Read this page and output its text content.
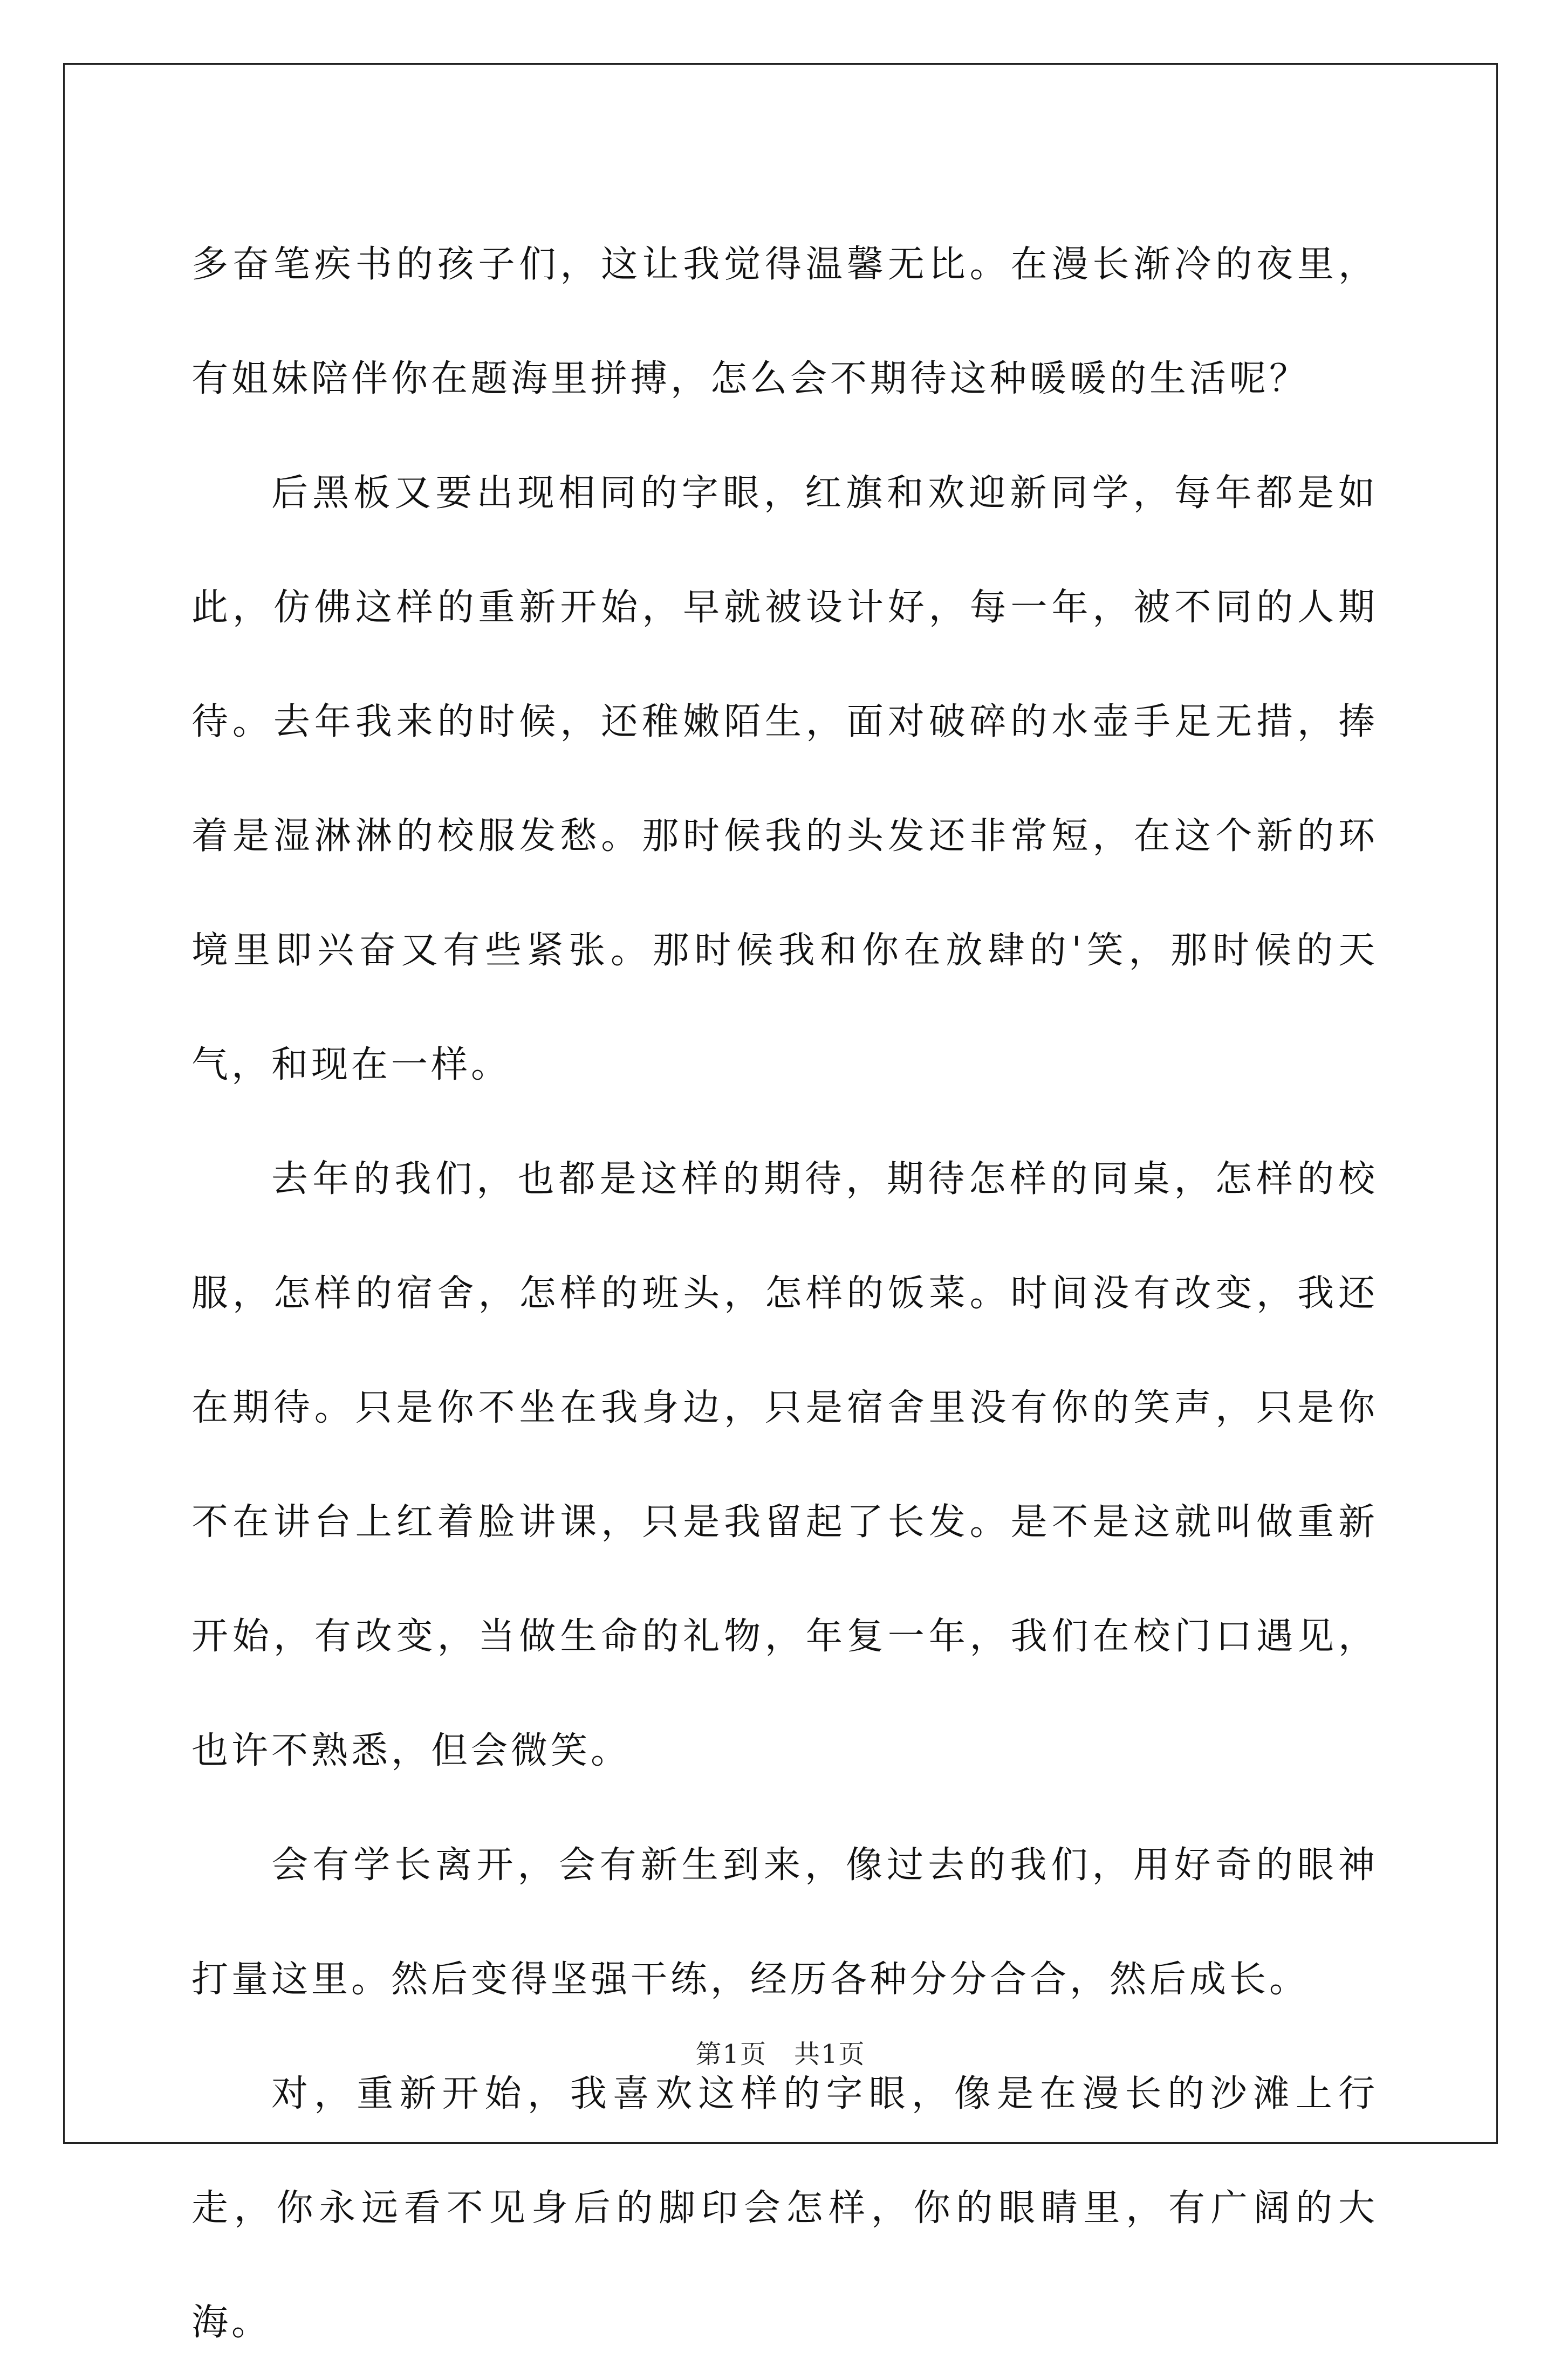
多奋笔疾书的孩子们，这让我觉得温馨无比。在漫长渐冷的夜里，有姐妹陪伴你在题海里拼搏，怎么会不期待这种暖暖的生活呢？

后黑板又要出现相同的字眼，红旗和欢迎新同学，每年都是如此，仿佛这样的重新开始，早就被设计好，每一年，被不同的人期待。去年我来的时候，还稚嫩陌生，面对破碎的水壶手足无措，捧着是湿淋淋的校服发愁。那时候我的头发还非常短，在这个新的环境里即兴奋又有些紧张。那时候我和你在放肆的'笑，那时候的天气，和现在一样。

去年的我们，也都是这样的期待，期待怎样的同桌，怎样的校服，怎样的宿舍，怎样的班头，怎样的饭菜。时间没有改变，我还在期待。只是你不坐在我身边，只是宿舍里没有你的笑声，只是你不在讲台上红着脸讲课，只是我留起了长发。是不是这就叫做重新开始，有改变，当做生命的礼物，年复一年，我们在校门口遇见，也许不熟悉，但会微笑。

会有学长离开，会有新生到来，像过去的我们，用好奇的眼神打量这里。然后变得坚强干练，经历各种分分合合，然后成长。

对，重新开始，我喜欢这样的字眼，像是在漫长的沙滩上行走，你永远看不见身后的脚印会怎样，你的眼睛里，有广阔的大海。

第1页　共1页
